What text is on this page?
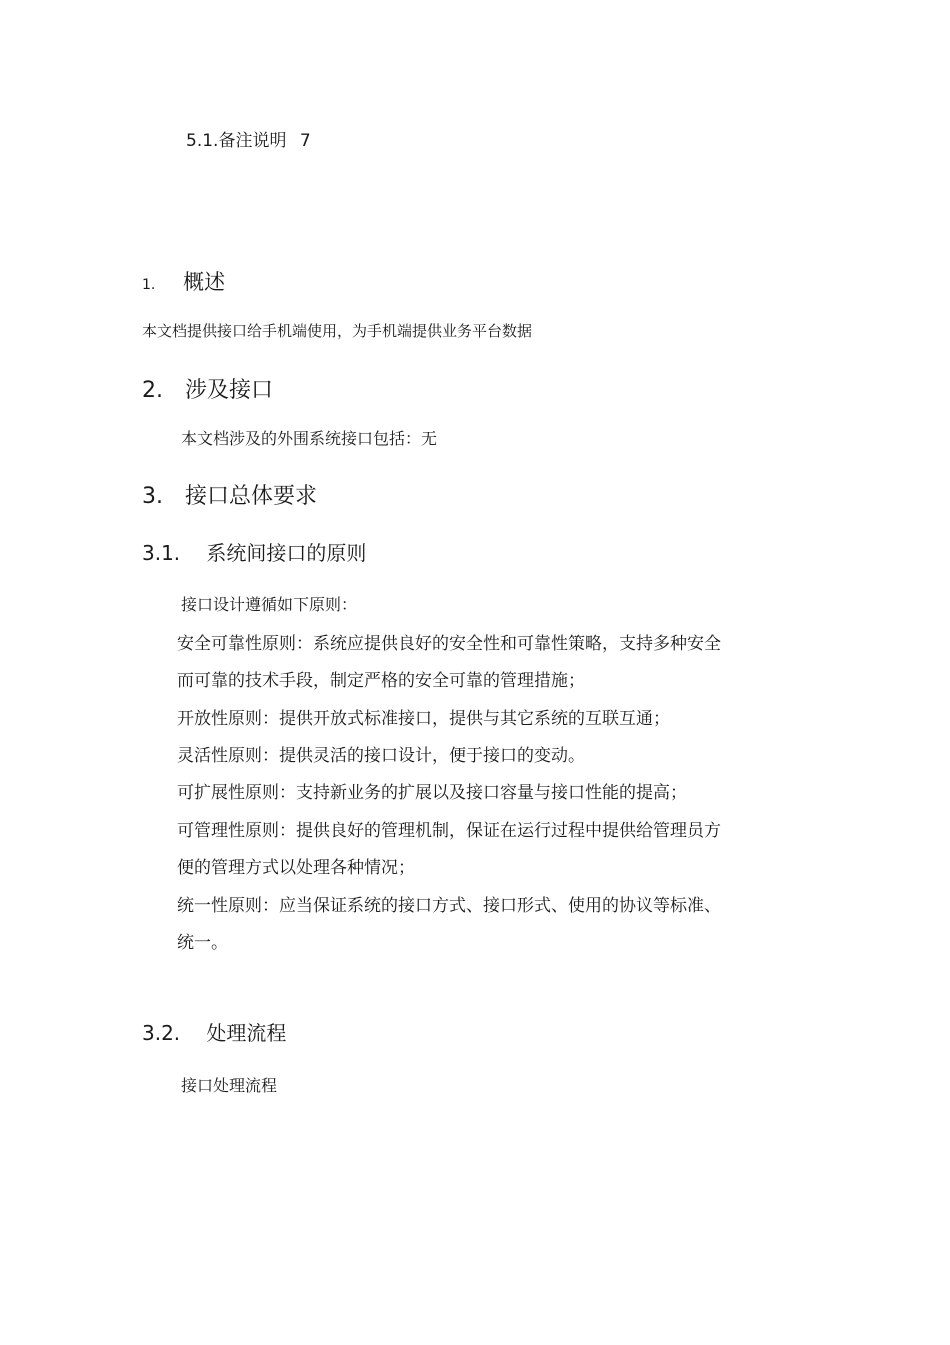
5.1.备注说明 7
1. 概述
本文档提供接口给手机端使用，为手机端提供业务平台数据
2. 涉及接口
本文档涉及的外围系统接口包括：无
3. 接口总体要求
3.1. 系统间接口的原则
接口设计遵循如下原则：
安全可靠性原则：系统应提供良好的安全性和可靠性策略，支持多种安全
而可靠的技术手段，制定严格的安全可靠的管理措施；
开放性原则：提供开放式标准接口，提供与其它系统的互联互通；
灵活性原则：提供灵活的接口设计，便于接口的变动。
可扩展性原则：支持新业务的扩展以及接口容量与接口性能的提高；
可管理性原则：提供良好的管理机制，保证在运行过程中提供给管理员方
便的管理方式以处理各种情况；
统一性原则：应当保证系统的接口方式、接口形式、使用的协议等标准、
统一。
3.2. 处理流程
接口处理流程
